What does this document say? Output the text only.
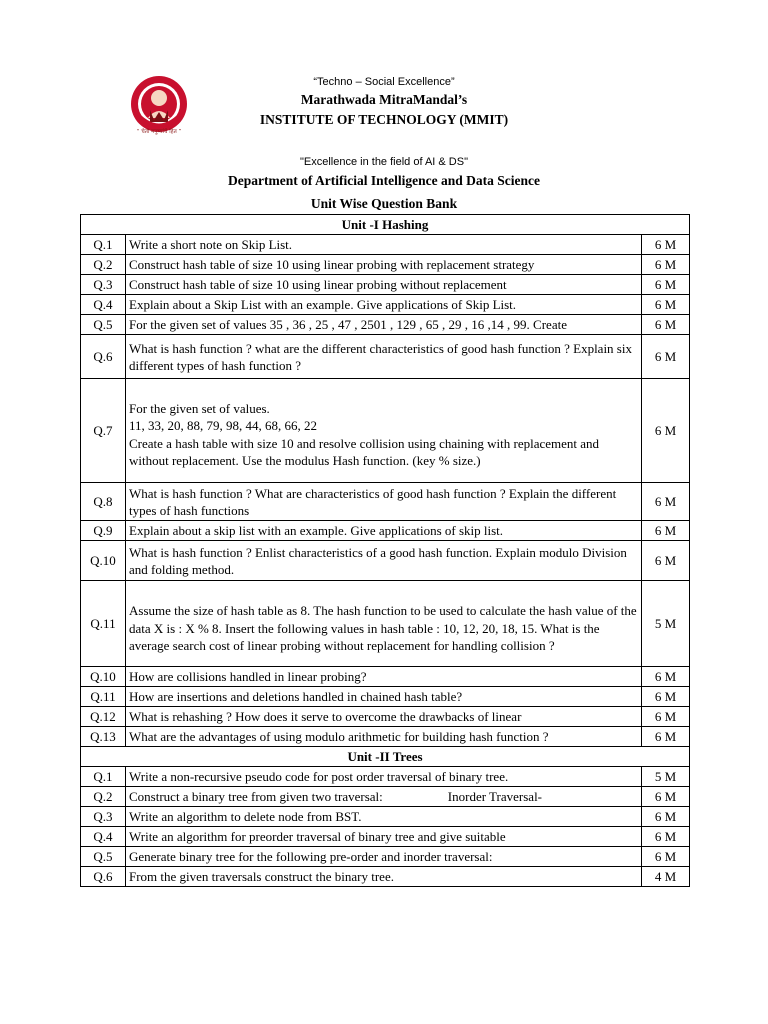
“ चेतो मनुष्यांचे हित ”
“Techno – Social Excellence”
Marathwada MitraMandal’s
INSTITUTE OF TECHNOLOGY (MMIT)
"Excellence in the field of AI & DS"
Department of Artificial Intelligence and Data Science
Unit Wise Question Bank
Unit -I Hashing		
Q.1	Write a short note on Skip List.	6 M
Q.2	Construct hash table of size 10 using linear probing with replacement strategy	6 M
Q.3	Construct hash table of size 10 using linear probing without replacement	6 M
Q.4	Explain about a Skip List with an example. Give applications of Skip List.	6 M
Q.5	For the given set of values 35 , 36 , 25 , 47 , 2501 , 129 , 65 , 29 , 16 ,14 , 99. Create	6 M
Q.6	What is hash function ? what are the different characteristics of good hash function ? Explain six different types of hash function ?	6 M
Q.7	For the given set of values.
11, 33, 20, 88, 79, 98, 44, 68, 66, 22
Create a hash table with size 10 and resolve collision using chaining with replacement and without replacement. Use the modulus Hash function. (key % size.)	6 M
Q.8	What is hash function ? What are characteristics of good hash function ? Explain the different types of hash functions	6 M
Q.9	Explain about a skip list with an example. Give applications of skip list.	6 M
Q.10	What is hash function ? Enlist characteristics of a good hash function. Explain modulo Division and folding method.	6 M
Q.11	Assume the size of hash table as 8. The hash function to be used to calculate the hash value of the data X is : X % 8. Insert the following values in hash table : 10, 12, 20, 18, 15. What is the average search cost of linear probing without replacement for handling collision ?	5 M
Q.10	How are collisions handled in linear probing?	6 M
Q.11	How are insertions and deletions handled in chained hash table?	6 M
Q.12	What is rehashing ? How does it serve to overcome the drawbacks of linear	6 M
Q.13	What are the advantages of using modulo arithmetic for building hash function ?	6 M
Unit -II Trees		
Q.1	Write a non-recursive pseudo code for post order traversal of binary tree.	5 M
Q.2	Construct a binary tree from given two traversal:                    Inorder Traversal-	6 M
Q.3	Write an algorithm to delete node from BST.	6 M
Q.4	Write an algorithm for preorder traversal of binary tree and give suitable	6 M
Q.5	Generate binary tree for the following pre-order and inorder traversal:	6 M
Q.6	From the given traversals construct the binary tree.	4 M
